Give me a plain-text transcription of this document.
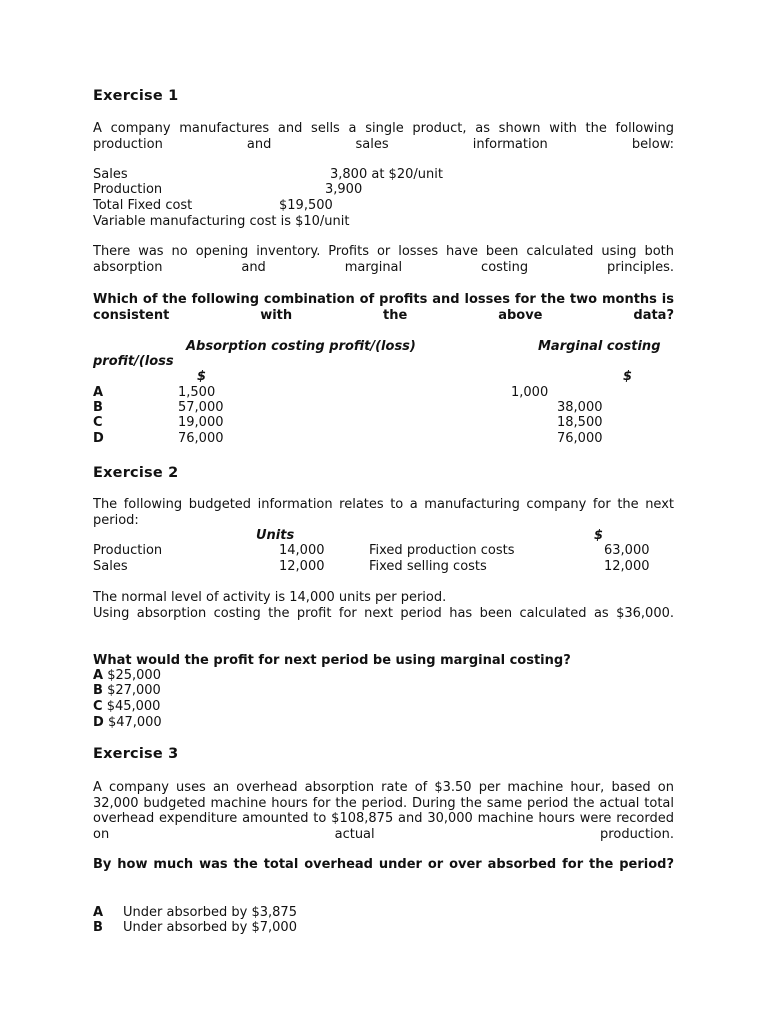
Exercise 1
A company manufactures and sells a single product, as shown with the following production and sales information below:
Sales	3,800 at $20/unit
Production	3,900
Total Fixed cost	$19,500
Variable manufacturing cost is $10/unit
There was no opening inventory. Profits or losses have been calculated using both absorption and marginal costing principles.
Which of the following combination of profits and losses for the two months is consistent with the above data?
Absorption costing profit/(loss)	Marginal costing
profit/(loss
$	$
A	1,500	1,000
B	57,000	38,000
C	19,000	18,500
D	76,000	76,000
Exercise 2
The following budgeted information relates to a manufacturing company for the next period:
Units	$
Production	14,000	Fixed production costs	63,000
Sales	12,000	Fixed selling costs	12,000
The normal level of activity is 14,000 units per period.
Using absorption costing the profit for next period has been calculated as $36,000.
What would the profit for next period be using marginal costing?
A $25,000
B $27,000
C $45,000
D $47,000
Exercise 3
A company uses an overhead absorption rate of $3.50 per machine hour, based on 32,000 budgeted machine hours for the period. During the same period the actual total overhead expenditure amounted to $108,875 and 30,000 machine hours were recorded on actual production.
By how much was the total overhead under or over absorbed for the period?
A Under absorbed by $3,875
B Under absorbed by $7,000
